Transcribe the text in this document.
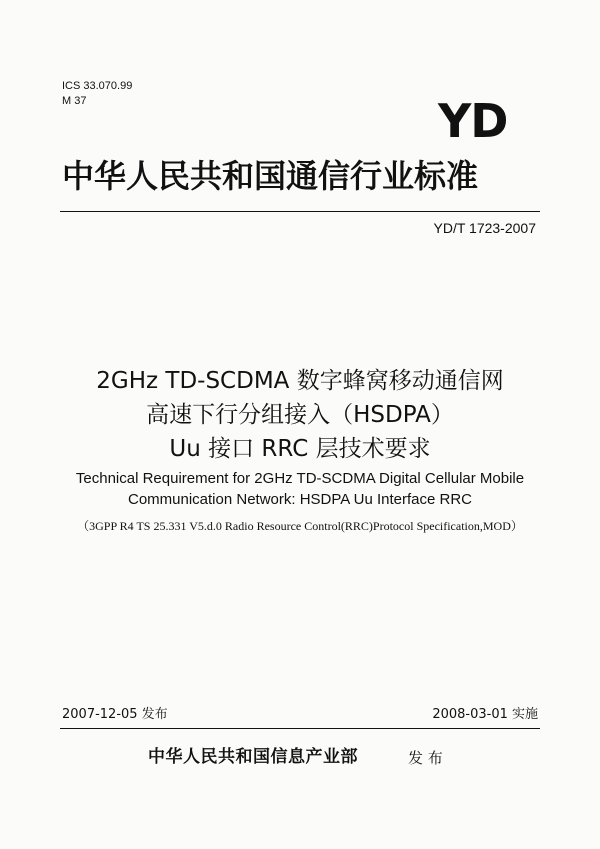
ICS 33.070.99
M 37	YD
中华人民共和国通信行业标准
YD/T 1723-2007
2GHz TD-SCDMA 数字蜂窝移动通信网
高速下行分组接入（HSDPA）
Uu 接口 RRC 层技术要求
Technical Requirement for 2GHz TD-SCDMA Digital Cellular Mobile
Communication Network: HSDPA Uu Interface RRC
（3GPP R4 TS 25.331 V5.d.0 Radio Resource Control(RRC)Protocol Specification,MOD）
2007-12-05 发布	2008-03-01 实施
中华人民共和国信息产业部	发 布
